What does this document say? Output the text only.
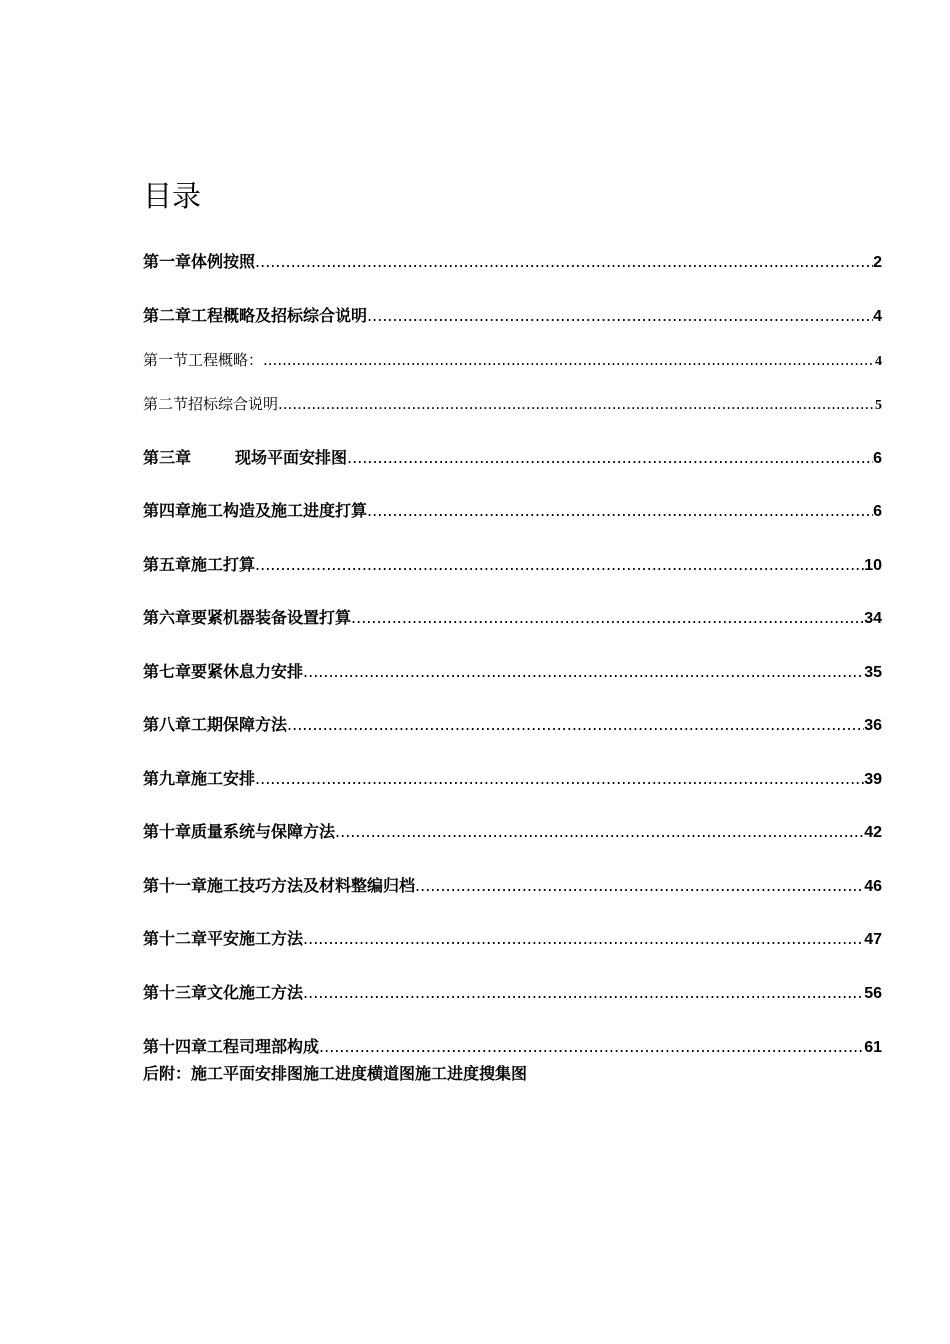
目录
第一章体例按照 .....	2
第二章工程概略及招标综合说明 .....	4
第一节工程概略： .....	4
第二节招标综合说明 .....	5
第三章	现场平面安排图 .....	6
第四章施工构造及施工进度打算 .....	6
第五章施工打算 .....	10
第六章要紧机器装备设置打算 .....	34
第七章要紧休息力安排 .....	35
第八章工期保障方法 .....	36
第九章施工安排 .....	39
第十章质量系统与保障方法 .....	42
第十一章施工技巧方法及材料整编归档 .....	46
第十二章平安施工方法 .....	47
第十三章文化施工方法 .....	56
第十四章工程司理部构成 .....	61
后附：施工平面安排图施工进度横道图施工进度搜集图
